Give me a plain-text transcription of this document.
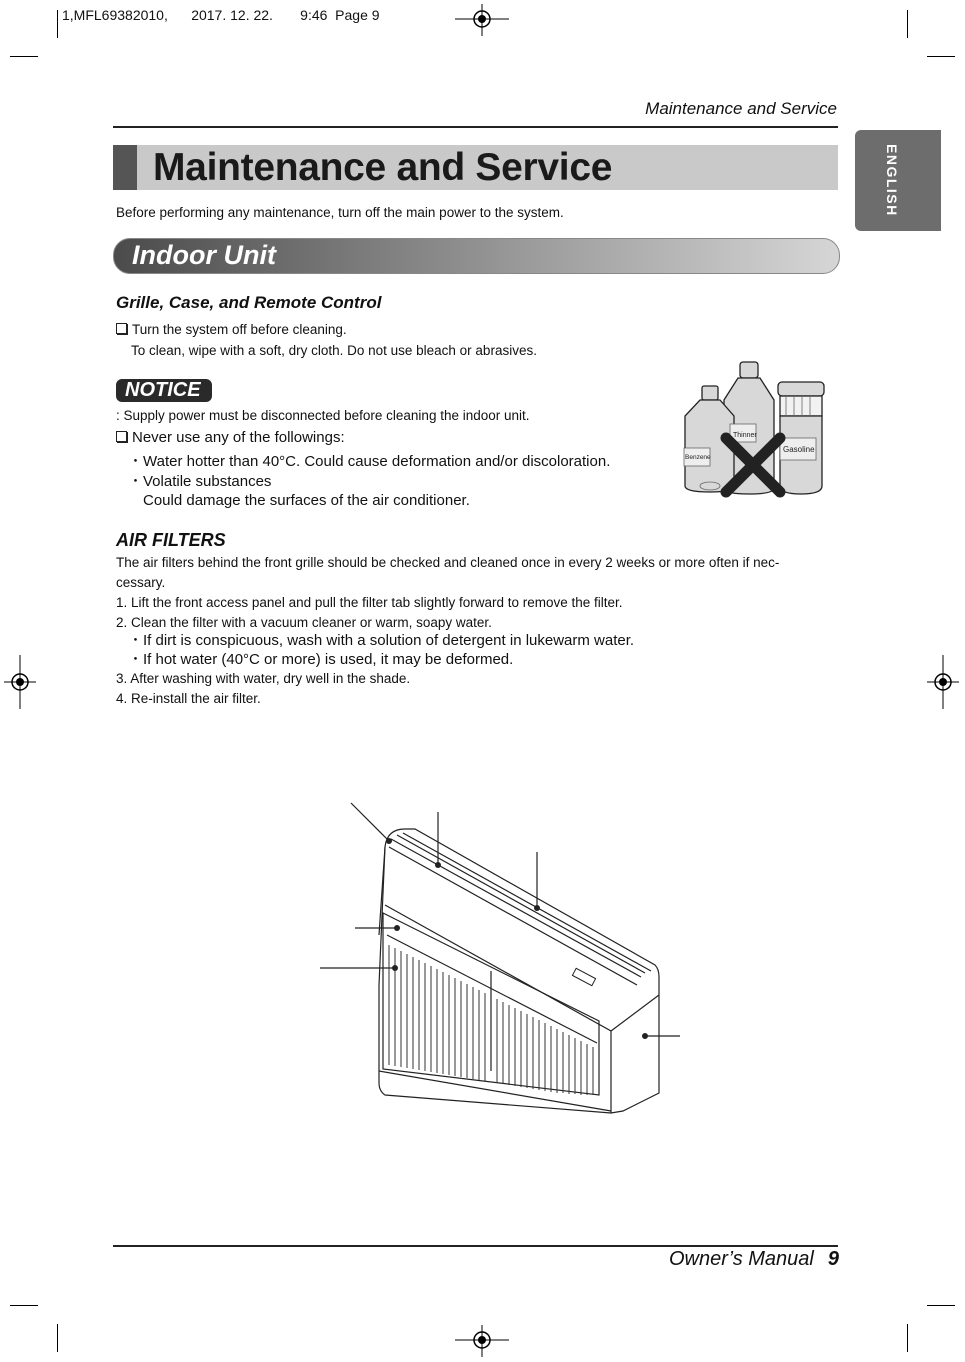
1,MFL69382010,      2017. 12. 22.       9:46  Page 9
Maintenance and Service
Maintenance and Service	ENGLISH
Before performing any maintenance, turn off the main power to the system.
Indoor Unit
Grille, Case, and Remote Control
Turn the system off before cleaning.
To clean, wipe with a soft, dry cloth. Do not use bleach or abrasives.
NOTICE
: Supply power must be disconnected before cleaning the indoor unit.
Never use any of the followings:
・Water hotter than 40°C. Could cause deformation and/or discoloration.
・Volatile substances
Could damage the surfaces of the air conditioner.
Gasoline
Thinner
Benzene
AIR FILTERS
The air filters behind the front grille should be checked and cleaned once in every 2 weeks or more often if nec-
cessary.
1. Lift the front access panel and pull the filter tab slightly forward to remove the filter.
2. Clean the filter with a vacuum cleaner or warm, soapy water.
・If dirt is conspicuous, wash with a solution of detergent in lukewarm water.
・If hot water (40°C or more) is used, it may be deformed.
3. After washing with water, dry well in the shade.
4. Re-install the air filter.
Owner’s Manual 9
